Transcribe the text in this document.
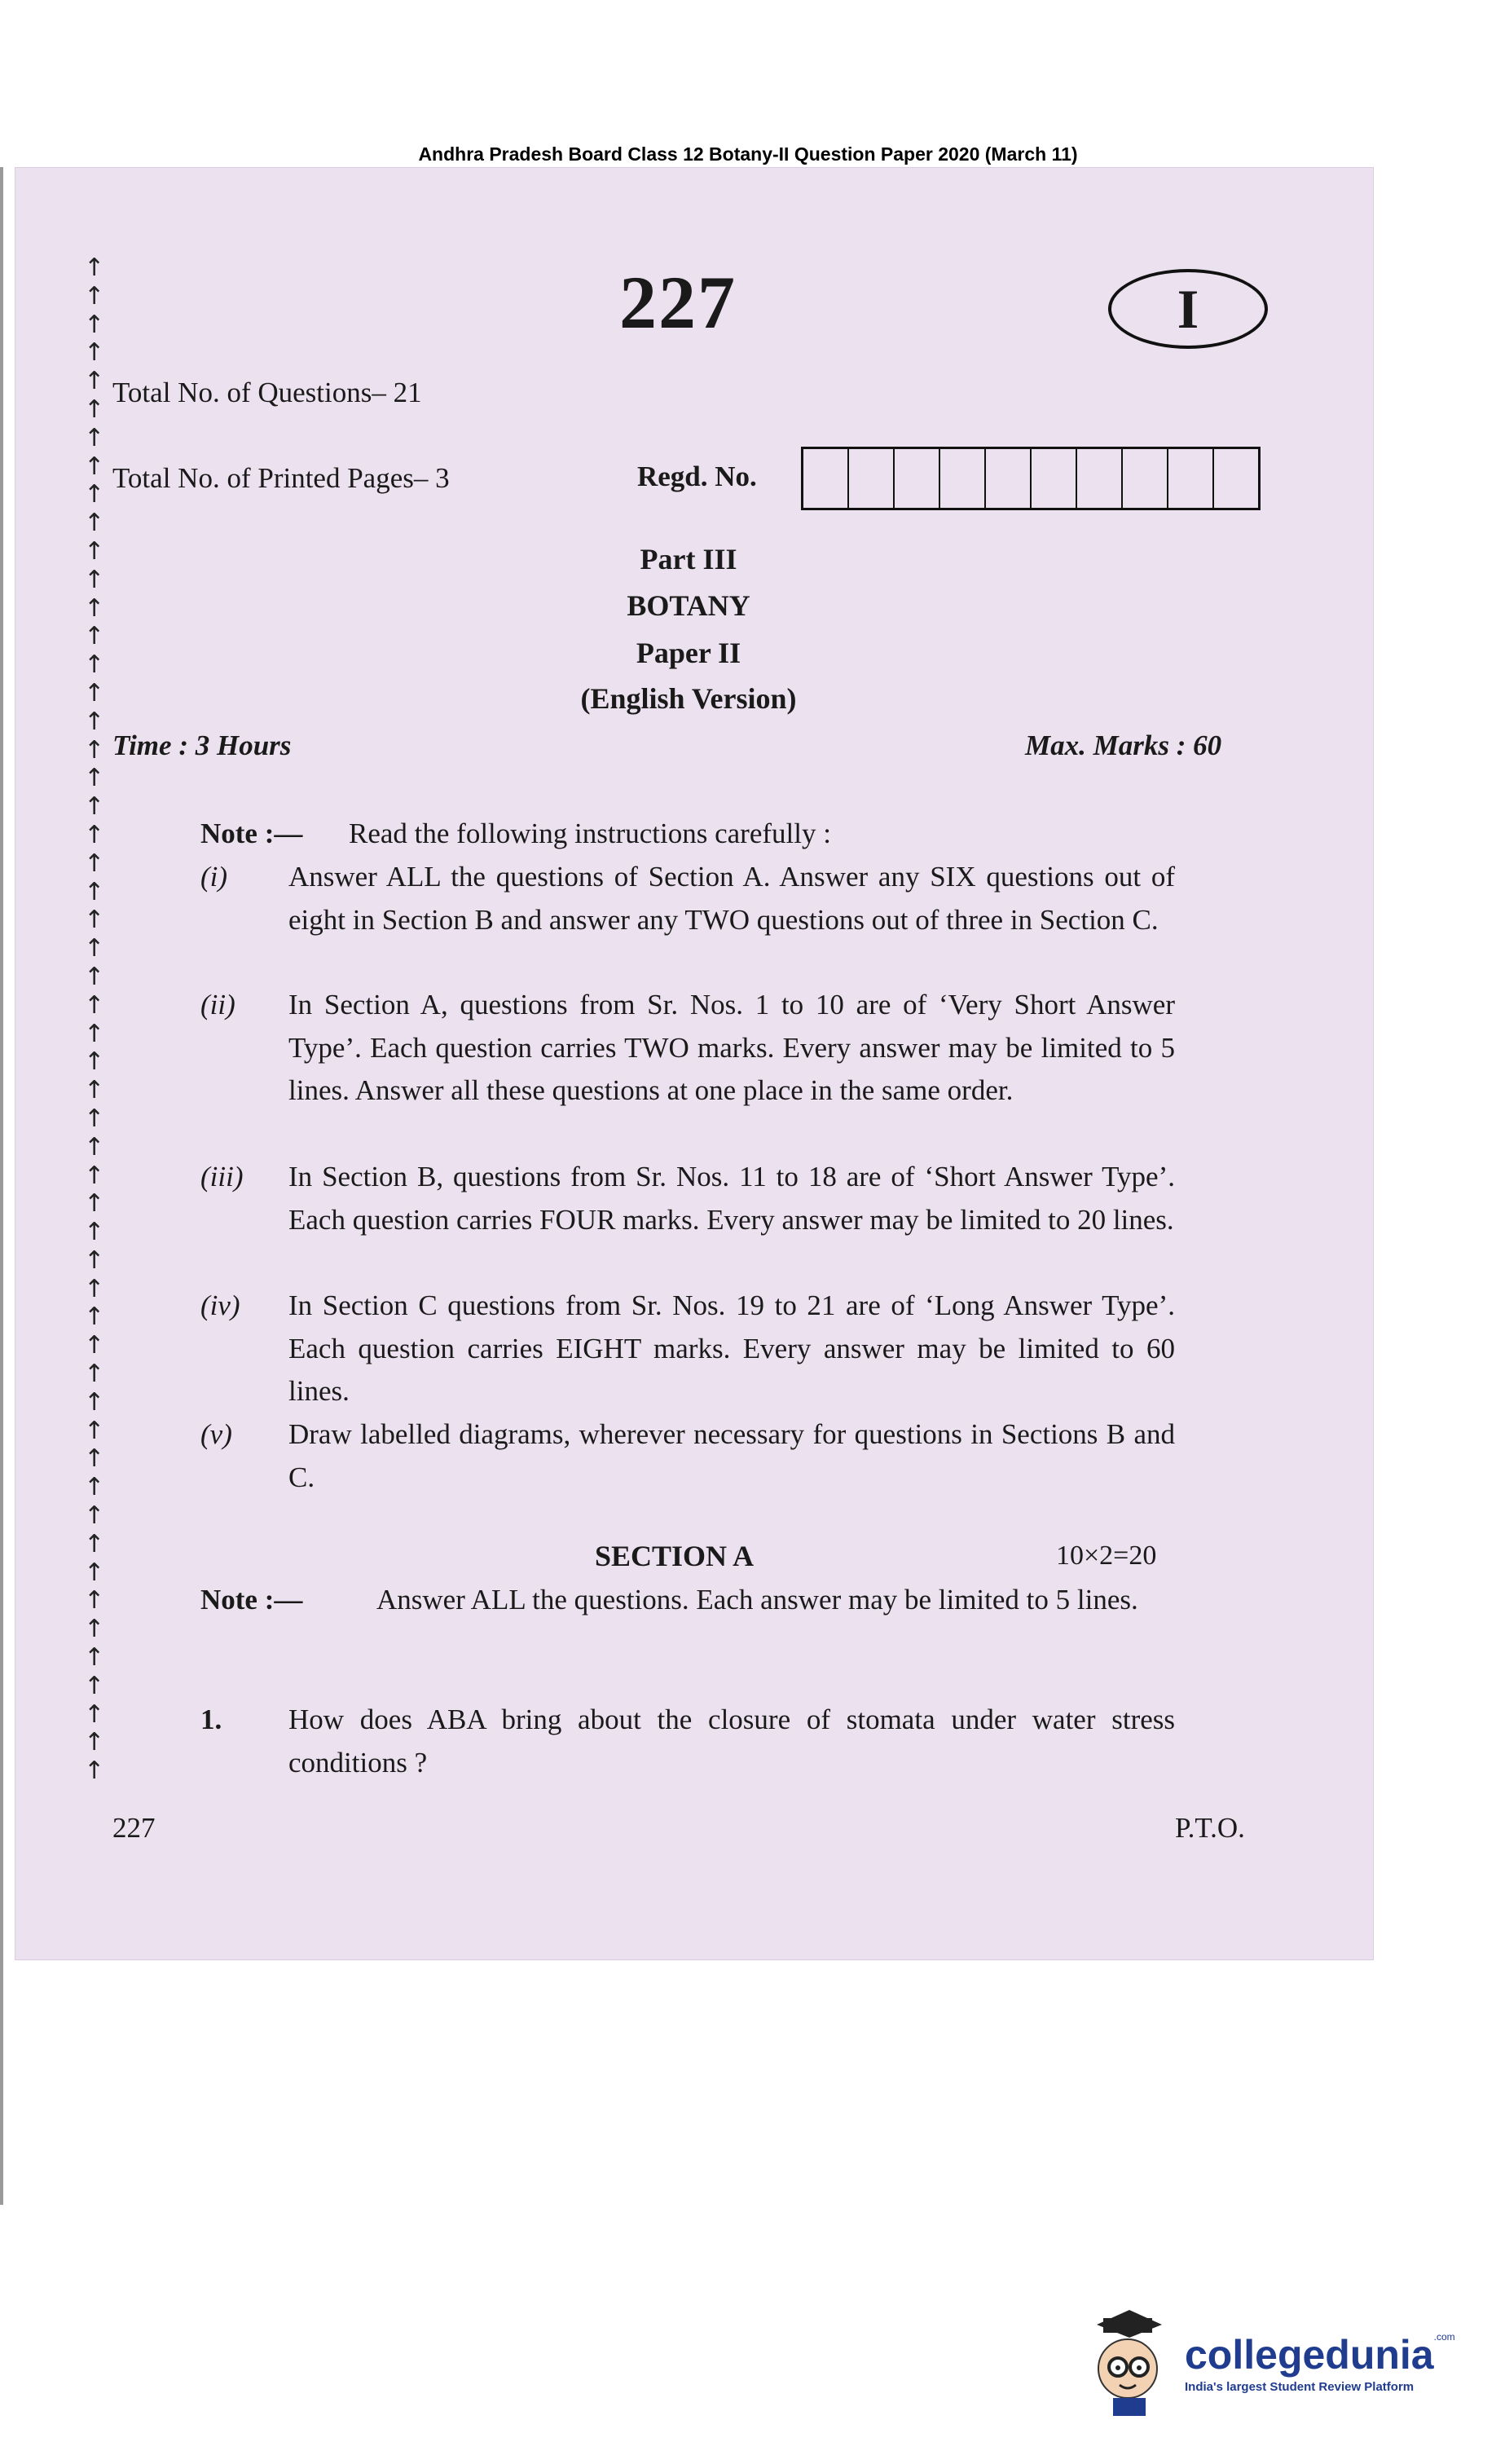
Andhra Pradesh Board Class 12 Botany-II Question Paper 2020 (March 11)
↑
↑
↑
↑
↑
↑
↑
↑
↑
↑
↑
↑
↑
↑
↑
↑
↑
↑
↑
↑
↑
↑
↑
↑
↑
↑
↑
↑
↑
↑
↑
↑
↑
↑
↑
↑
↑
↑
↑
↑
↑
↑
↑
↑
↑
↑
↑
↑
↑
↑
↑
↑
↑
↑
227	I
Total No. of Questions– 21
Total No. of Printed Pages– 3	Regd. No.
Part III
BOTANY
Paper II
(English Version)
Time : 3 Hours	Max. Marks : 60
Note :— Read the following instructions carefully :
(i) Answer ALL the questions of Section A. Answer any SIX questions out of eight in Section B and answer any TWO questions out of three in Section C.
(ii) In Section A, questions from Sr. Nos. 1 to 10 are of ‘Very Short Answer Type’. Each question carries TWO marks. Every answer may be limited to 5 lines. Answer all these questions at one place in the same order.
(iii) In Section B, questions from Sr. Nos. 11 to 18 are of ‘Short Answer Type’. Each question carries FOUR marks. Every answer may be limited to 20 lines.
(iv) In Section C questions from Sr. Nos. 19 to 21 are of ‘Long Answer Type’. Each question carries EIGHT marks. Every answer may be limited to 60 lines.
(v) Draw labelled diagrams, wherever necessary for questions in Sections B and C.
SECTION A	10×2=20
Note :—	Answer ALL the questions. Each answer may be limited to 5 lines.
1. How does ABA bring about the closure of stomata under water stress conditions ?
227	P.T.O.
collegedunia$^{.com}$
India's largest Student Review Platform
